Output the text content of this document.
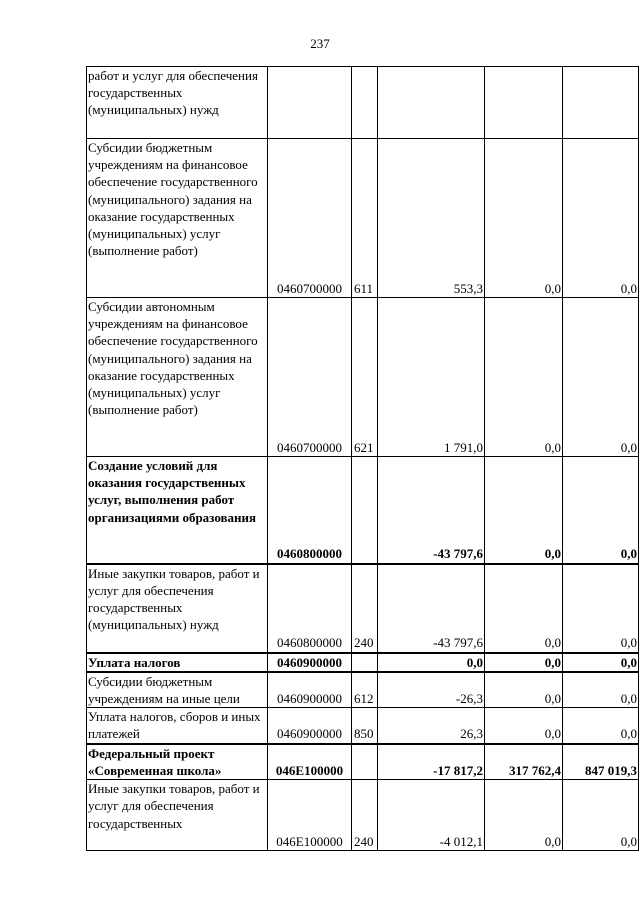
237
работ и услуг для обеспечения государственных (муниципальных) нужд					
Субсидии бюджетным учреждениям на финансовое обеспечение государственного (муниципального) задания на оказание государственных (муниципальных) услуг (выполнение работ)	0460700000	611	553,3	0,0	0,0
Субсидии автономным учреждениям на финансовое обеспечение государственного (муниципального) задания на оказание государственных (муниципальных) услуг (выполнение работ)	0460700000	621	1 791,0	0,0	0,0
Создание условий для оказания государственных услуг, выполнения работ организациями образования	0460800000		-43 797,6	0,0	0,0
Иные закупки товаров, работ и услуг для обеспечения государственных (муниципальных) нужд	0460800000	240	-43 797,6	0,0	0,0
Уплата налогов	0460900000		0,0	0,0	0,0
Субсидии бюджетным учреждениям на иные цели	0460900000	612	-26,3	0,0	0,0
Уплата налогов, сборов и иных платежей	0460900000	850	26,3	0,0	0,0
Федеральный проект «Современная школа»	046E100000		-17 817,2	317 762,4	847 019,3
Иные закупки товаров, работ и услуг для обеспечения государственных	046E100000	240	-4 012,1	0,0	0,0
